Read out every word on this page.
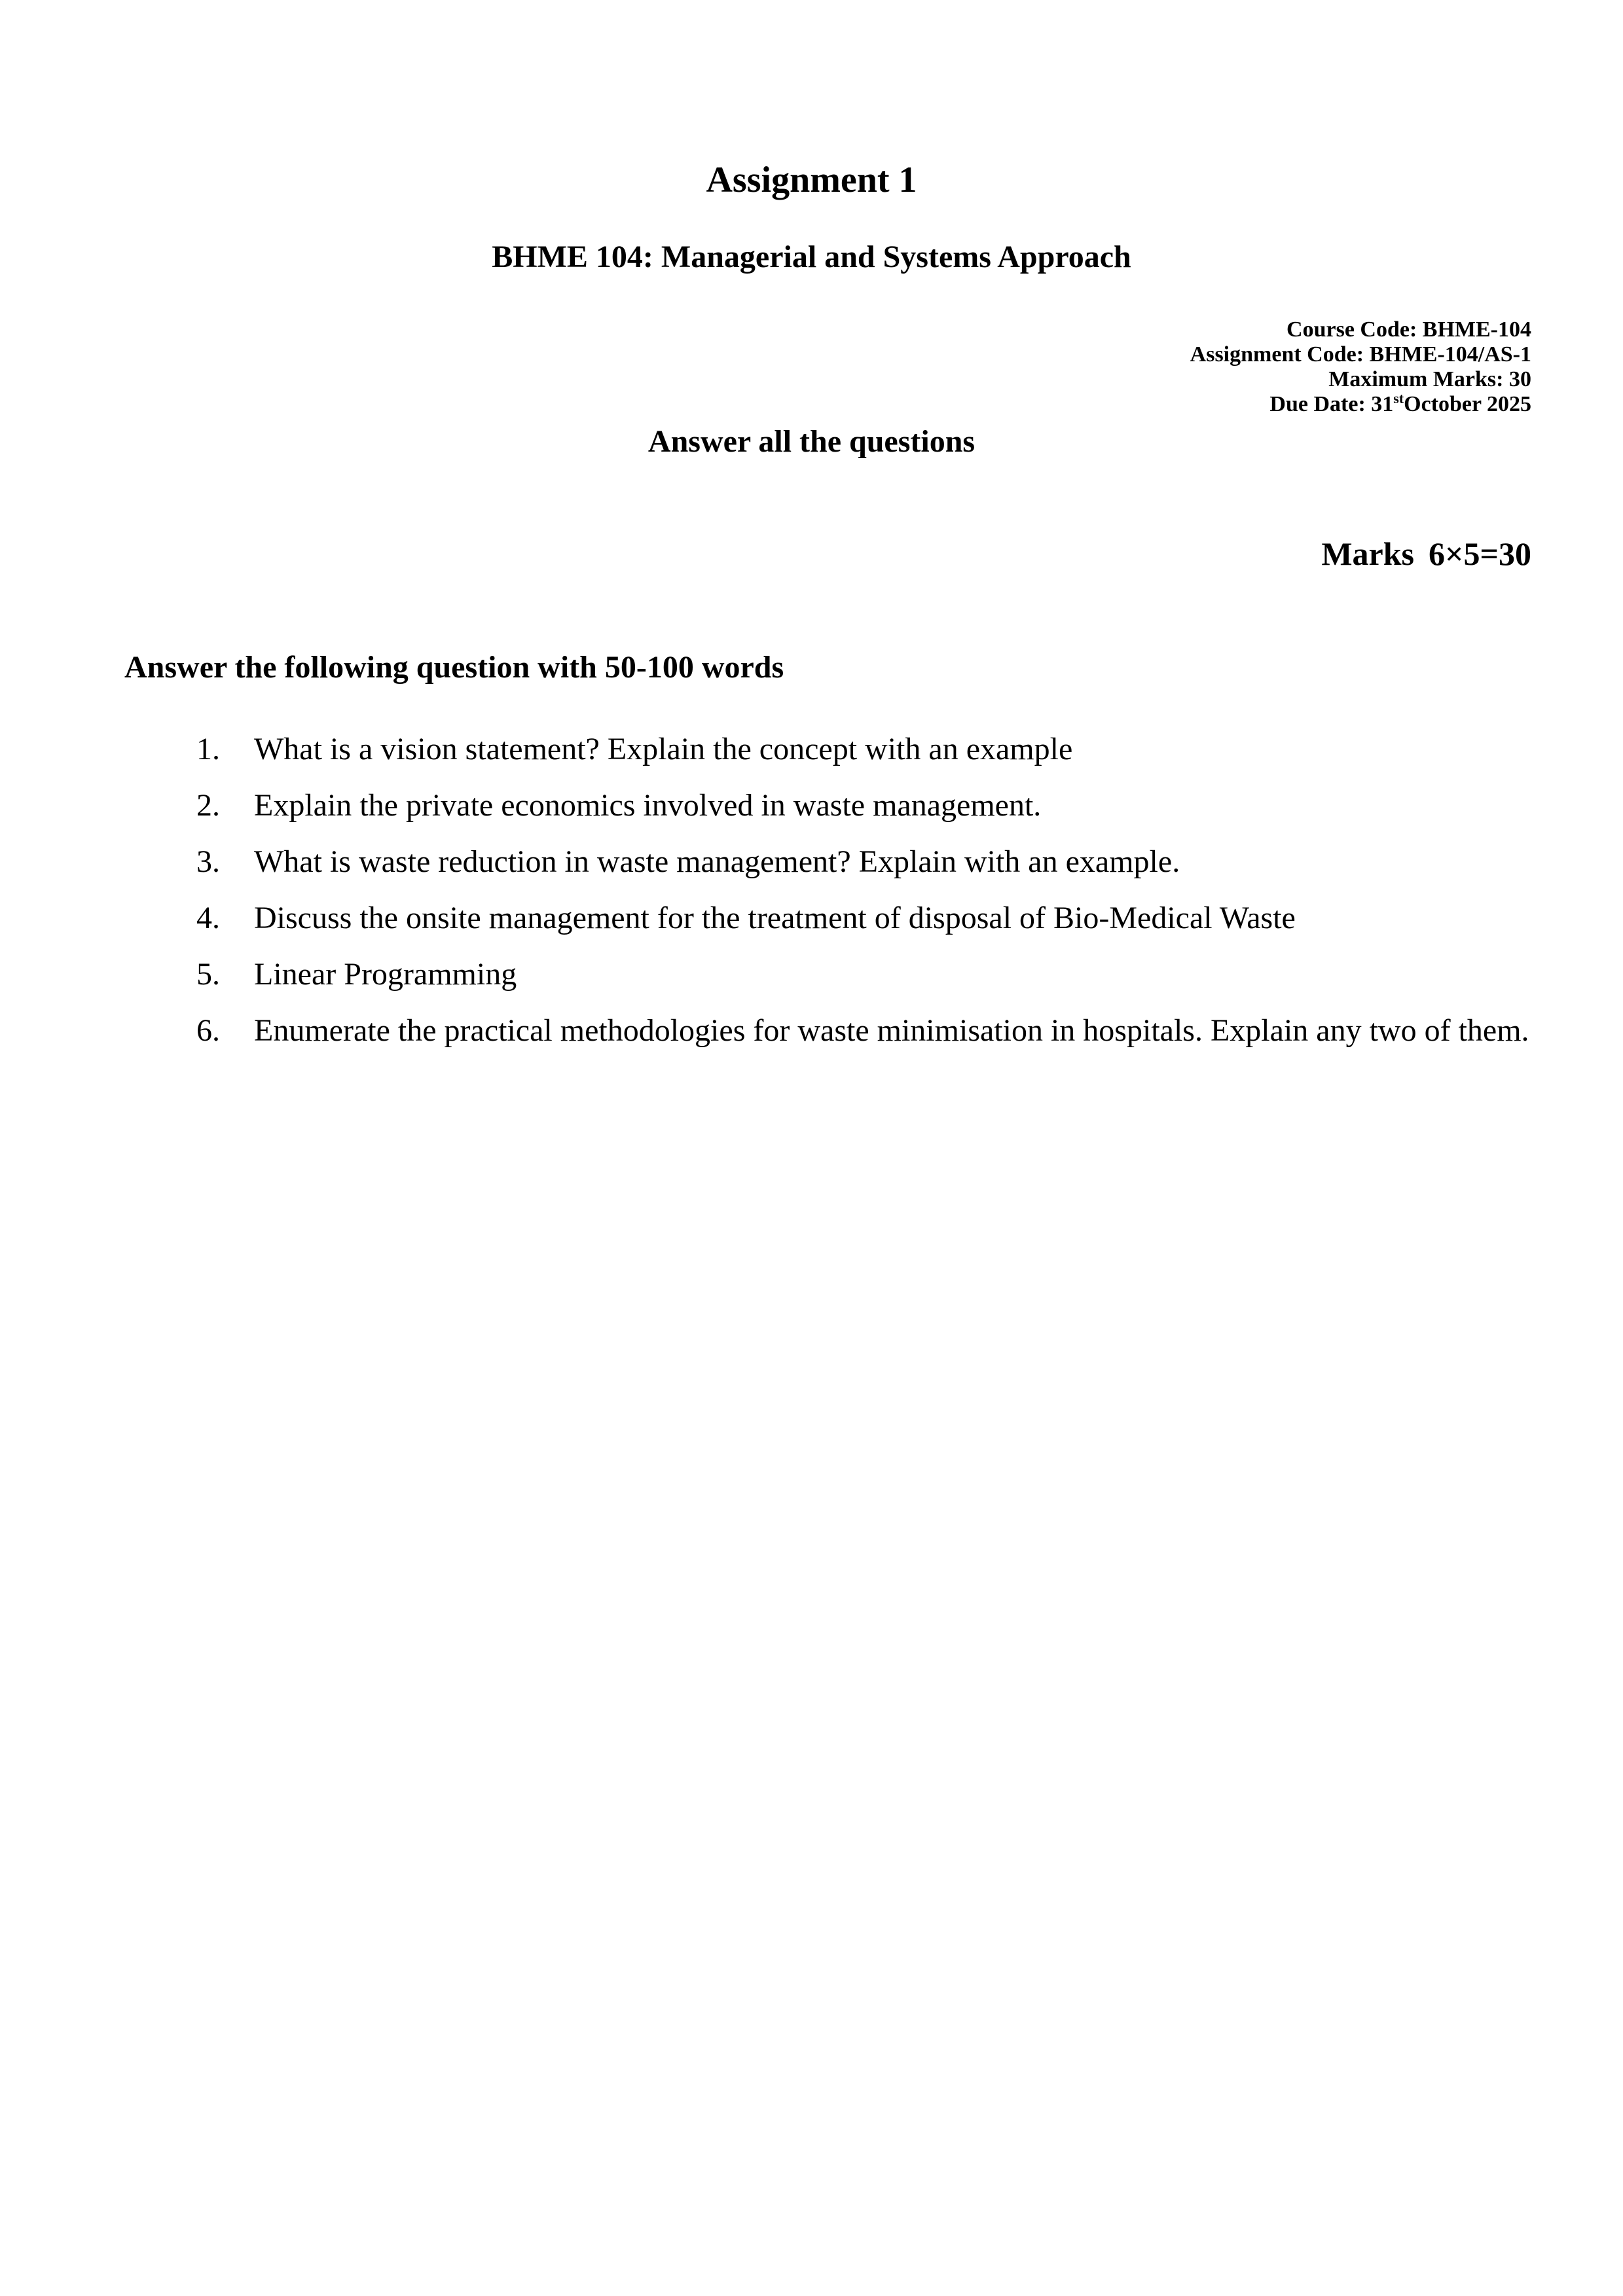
Assignment 1
BHME 104: Managerial and Systems Approach
Course Code: BHME-104
Assignment Code: BHME-104/AS-1
Maximum Marks: 30
Due Date: 31stOctober 2025
Answer all the questions
Marks 6×5=30
Answer the following question with 50-100 words
1. What is a vision statement? Explain the concept with an example
2. Explain the private economics involved in waste management.
3. What is waste reduction in waste management? Explain with an example.
4. Discuss the onsite management for the treatment of disposal of Bio-Medical Waste
5. Linear Programming
6. Enumerate the practical methodologies for waste minimisation in hospitals. Explain any two of them.
